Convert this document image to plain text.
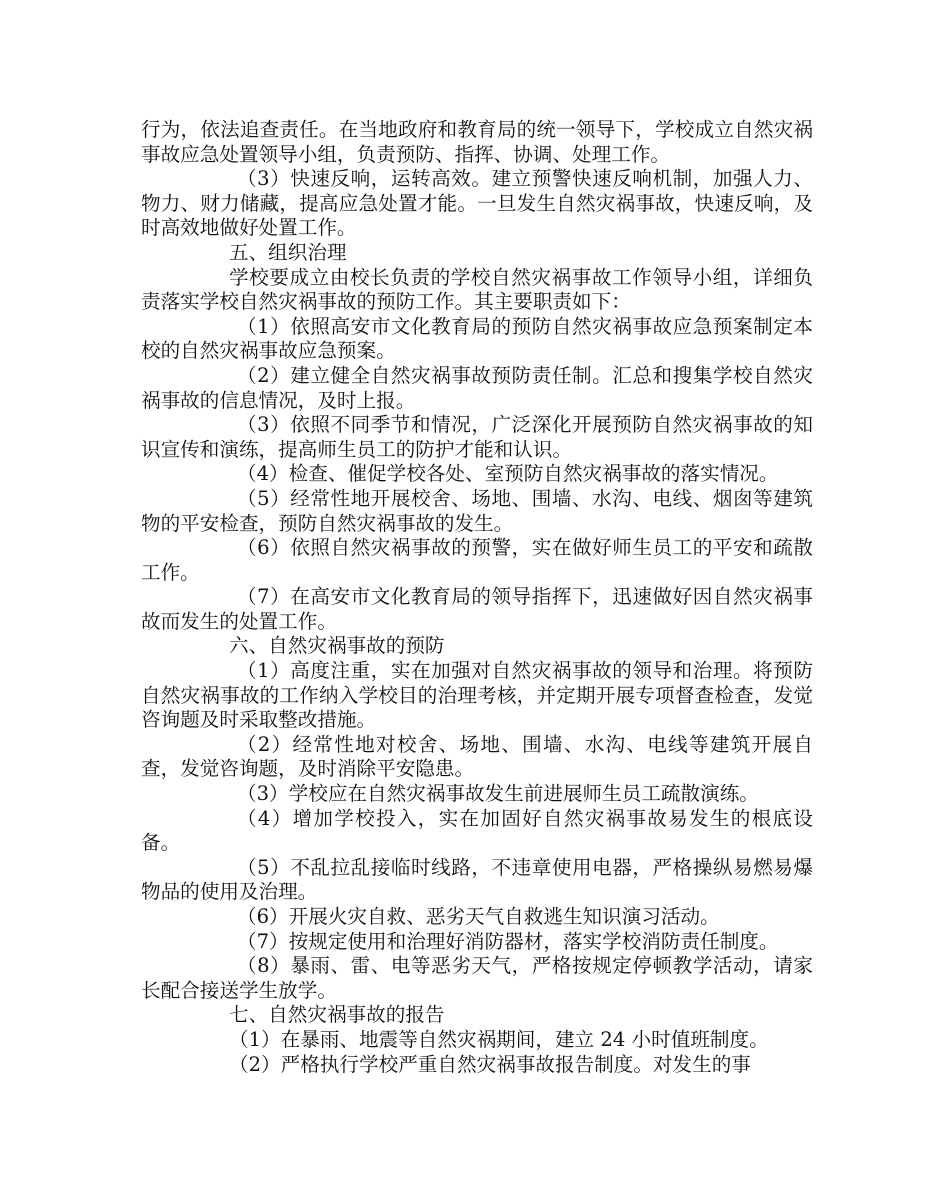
行为，依法追查责任。在当地政府和教育局的统一领导下，学校成立自然灾祸事故应急处置领导小组，负责预防、指挥、协调、处理工作。

（3）快速反响，运转高效。建立预警快速反响机制，加强人力、物力、财力储藏，提高应急处置才能。一旦发生自然灾祸事故，快速反响，及时高效地做好处置工作。

五、组织治理

学校要成立由校长负责的学校自然灾祸事故工作领导小组，详细负责落实学校自然灾祸事故的预防工作。其主要职责如下：

（1）依照高安市文化教育局的预防自然灾祸事故应急预案制定本校的自然灾祸事故应急预案。

（2）建立健全自然灾祸事故预防责任制。汇总和搜集学校自然灾祸事故的信息情况，及时上报。

（3）依照不同季节和情况，广泛深化开展预防自然灾祸事故的知识宣传和演练，提高师生员工的防护才能和认识。

（4）检查、催促学校各处、室预防自然灾祸事故的落实情况。

（5）经常性地开展校舍、场地、围墙、水沟、电线、烟囱等建筑物的平安检查，预防自然灾祸事故的发生。

（6）依照自然灾祸事故的预警，实在做好师生员工的平安和疏散工作。

（7）在高安市文化教育局的领导指挥下，迅速做好因自然灾祸事故而发生的处置工作。

六、自然灾祸事故的预防

（1）高度注重，实在加强对自然灾祸事故的领导和治理。将预防自然灾祸事故的工作纳入学校目的治理考核，并定期开展专项督查检查，发觉咨询题及时采取整改措施。

（2）经常性地对校舍、场地、围墙、水沟、电线等建筑开展自查，发觉咨询题，及时消除平安隐患。

（3）学校应在自然灾祸事故发生前进展师生员工疏散演练。

（4）增加学校投入，实在加固好自然灾祸事故易发生的根底设备。

（5）不乱拉乱接临时线路，不违章使用电器，严格操纵易燃易爆物品的使用及治理。

（6）开展火灾自救、恶劣天气自救逃生知识演习活动。

（7）按规定使用和治理好消防器材，落实学校消防责任制度。

（8）暴雨、雷、电等恶劣天气，严格按规定停顿教学活动，请家长配合接送学生放学。

七、自然灾祸事故的报告

（1）在暴雨、地震等自然灾祸期间，建立 24 小时值班制度。

（2）严格执行学校严重自然灾祸事故报告制度。对发生的事
